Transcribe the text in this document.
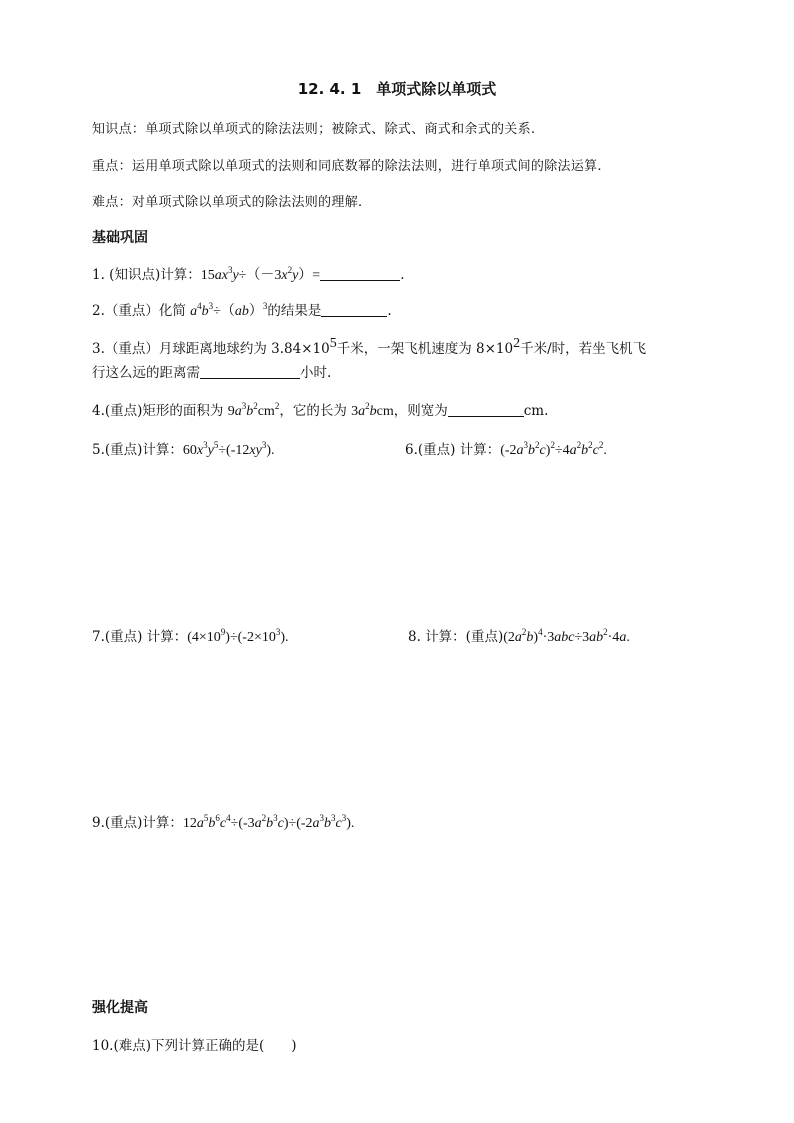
12. 4. 1　单项式除以单项式
知识点：单项式除以单项式的除法法则；被除式、除式、商式和余式的关系.
重点：运用单项式除以单项式的法则和同底数幂的除法法则，进行单项式间的除法运算.
难点：对单项式除以单项式的除法法则的理解.
基础巩固
1. (知识点)计算：$15ax^3y\div(-3x^2y)=$	.
2.（重点）化简 $a^4b^3\div(ab)^3$的结果是	.
3.（重点）月球距离地球约为 $3.84\times 10^5$千米，一架飞机速度为 $8\times 10^2$千米/时，若坐飞机飞
行这么远的距离需	小时.
4.(重点)矩形的面积为 $9a^3b^2cm^2$，它的长为 $3a^2bcm$，则宽为	cm.
5.(重点)计算：$60x^3y^5\div(-12xy^3)$.	6.(重点) 计算：$(-2a^3b^2c)^2\div 4a^2b^2c^2$.
7.(重点) 计算：$(4\times 10^9)\div(-2\times 10^3)$.	8. 计算：(重点)$(2a^2b)^4\cdot 3abc\div 3ab^2\cdot 4a$.
9.(重点)计算：$12a^5b^6c^4\div(-3a^2b^3c)\div(-2a^3b^3c^3)$.
强化提高
10.(难点)下列计算正确的是(　　)
